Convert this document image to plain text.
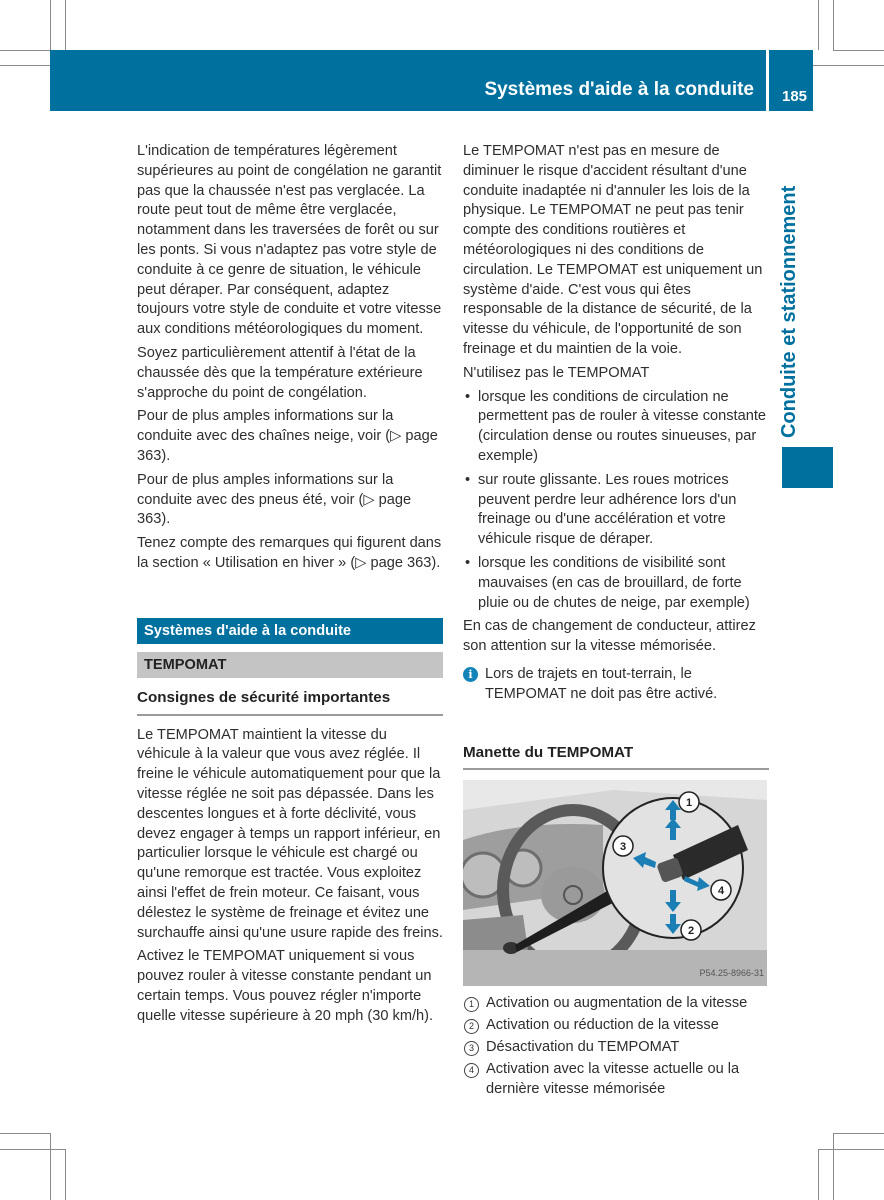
Systèmes d'aide à la conduite 185
Conduite et stationnement

L'indication de températures légèrement supérieures au point de congélation ne garantit pas que la chaussée n'est pas verglacée. La route peut tout de même être verglacée, notamment dans les traversées de forêt ou sur les ponts. Si vous n'adaptez pas votre style de conduite à ce genre de situation, le véhicule peut déraper. Par conséquent, adaptez toujours votre style de conduite et votre vitesse aux conditions météorologiques du moment.

Soyez particulièrement attentif à l'état de la chaussée dès que la température extérieure s'approche du point de congélation.

Pour de plus amples informations sur la conduite avec des chaînes neige, voir (▷ page 363).

Pour de plus amples informations sur la conduite avec des pneus été, voir (▷ page 363).

Tenez compte des remarques qui figurent dans la section « Utilisation en hiver » (▷ page 363).

Systèmes d'aide à la conduite
TEMPOMAT
Consignes de sécurité importantes

Le TEMPOMAT maintient la vitesse du véhicule à la valeur que vous avez réglée. Il freine le véhicule automatiquement pour que la vitesse réglée ne soit pas dépassée. Dans les descentes longues et à forte déclivité, vous devez engager à temps un rapport inférieur, en particulier lorsque le véhicule est chargé ou qu'une remorque est tractée. Vous exploitez ainsi l'effet de frein moteur. Ce faisant, vous délestez le système de freinage et évitez une surchauffe ainsi qu'une usure rapide des freins.

Activez le TEMPOMAT uniquement si vous pouvez rouler à vitesse constante pendant un certain temps. Vous pouvez régler n'importe quelle vitesse supérieure à 20 mph (30 km/h).

Le TEMPOMAT n'est pas en mesure de diminuer le risque d'accident résultant d'une conduite inadaptée ni d'annuler les lois de la physique. Le TEMPOMAT ne peut pas tenir compte des conditions routières et météorologiques ni des conditions de circulation. Le TEMPOMAT est uniquement un système d'aide. C'est vous qui êtes responsable de la distance de sécurité, de la vitesse du véhicule, de l'opportunité de son freinage et du maintien de la voie.

N'utilisez pas le TEMPOMAT

• lorsque les conditions de circulation ne permettent pas de rouler à vitesse constante (circulation dense ou routes sinueuses, par exemple)
• sur route glissante. Les roues motrices peuvent perdre leur adhérence lors d'un freinage ou d'une accélération et votre véhicule risque de déraper.
• lorsque les conditions de visibilité sont mauvaises (en cas de brouillard, de forte pluie ou de chutes de neige, par exemple)

En cas de changement de conducteur, attirez son attention sur la vitesse mémorisée.

i Lors de trajets en tout-terrain, le TEMPOMAT ne doit pas être activé.
Manette du TEMPOMAT
1
3
4
2
P54.25-8966-31
1 Activation ou augmentation de la vitesse
2 Activation ou réduction de la vitesse
3 Désactivation du TEMPOMAT
4 Activation avec la vitesse actuelle ou la dernière vitesse mémorisée
